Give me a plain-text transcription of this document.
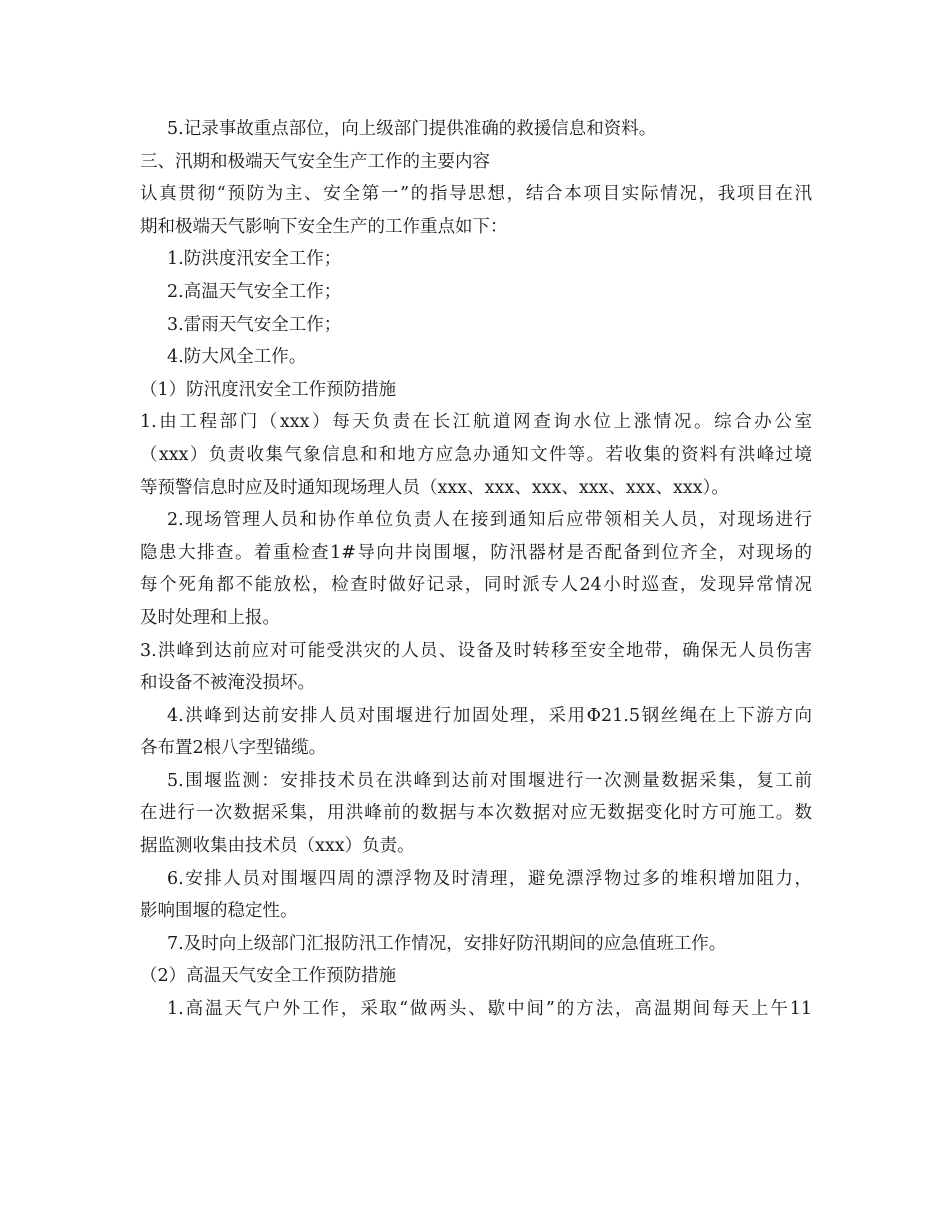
5.记录事故重点部位，向上级部门提供准确的救援信息和资料。
三、汛期和极端天气安全生产工作的主要内容
认真贯彻“预防为主、安全第一”的指导思想，结合本项目实际情况，我项目在汛
期和极端天气影响下安全生产的工作重点如下：
1.防洪度汛安全工作；
2.高温天气安全工作；
3.雷雨天气安全工作；
4.防大风全工作。
（1）防汛度汛安全工作预防措施
1.由工程部门（xxx）每天负责在长江航道网查询水位上涨情况。综合办公室
（xxx）负责收集气象信息和和地方应急办通知文件等。若收集的资料有洪峰过境
等预警信息时应及时通知现场理人员（xxx、xxx、xxx、xxx、xxx、xxx）。
2.现场管理人员和协作单位负责人在接到通知后应带领相关人员，对现场进行
隐患大排查。着重检查1#导向井岗围堰，防汛器材是否配备到位齐全，对现场的
每个死角都不能放松，检查时做好记录，同时派专人24小时巡查，发现异常情况
及时处理和上报。
3.洪峰到达前应对可能受洪灾的人员、设备及时转移至安全地带，确保无人员伤害
和设备不被淹没损坏。
4.洪峰到达前安排人员对围堰进行加固处理，采用Φ21.5钢丝绳在上下游方向
各布置2根八字型锚缆。
5.围堰监测：安排技术员在洪峰到达前对围堰进行一次测量数据采集，复工前
在进行一次数据采集，用洪峰前的数据与本次数据对应无数据变化时方可施工。数
据监测收集由技术员（xxx）负责。
6.安排人员对围堰四周的漂浮物及时清理，避免漂浮物过多的堆积增加阻力，
影响围堰的稳定性。
7.及时向上级部门汇报防汛工作情况，安排好防汛期间的应急值班工作。
（2）高温天气安全工作预防措施
1.高温天气户外工作，采取“做两头、歇中间”的方法，高温期间每天上午11
